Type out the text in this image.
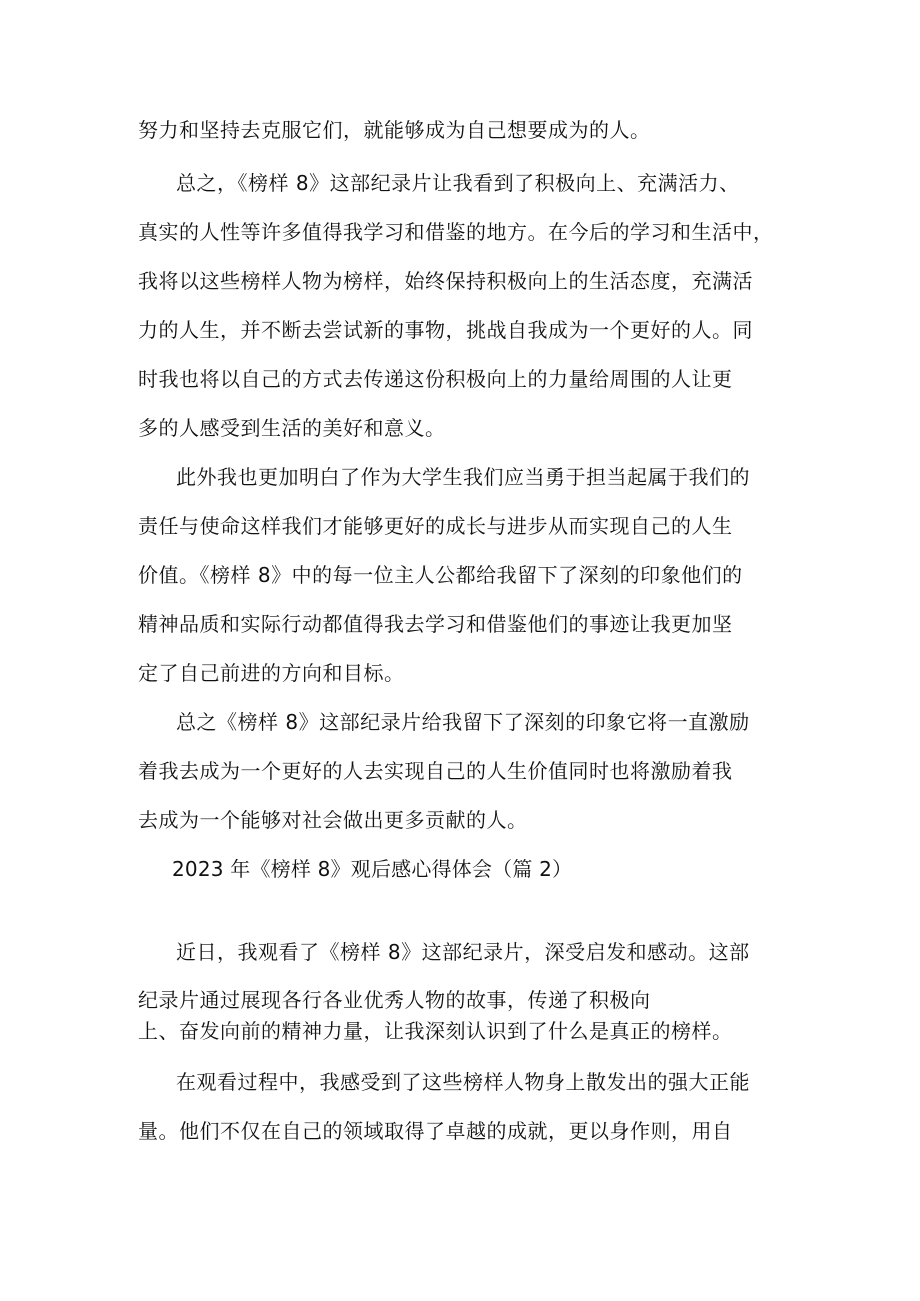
努力和坚持去克服它们，就能够成为自己想要成为的人。
总之，《榜样 8》这部纪录片让我看到了积极向上、充满活力、
真实的人性等许多值得我学习和借鉴的地方。在今后的学习和生活中，
我将以这些榜样人物为榜样，始终保持积极向上的生活态度，充满活
力的人生，并不断去尝试新的事物，挑战自我成为一个更好的人。同
时我也将以自己的方式去传递这份积极向上的力量给周围的人让更
多的人感受到生活的美好和意义。
此外我也更加明白了作为大学生我们应当勇于担当起属于我们的
责任与使命这样我们才能够更好的成长与进步从而实现自己的人生
价值。《榜样 8》中的每一位主人公都给我留下了深刻的印象他们的
精神品质和实际行动都值得我去学习和借鉴他们的事迹让我更加坚
定了自己前进的方向和目标。
总之《榜样 8》这部纪录片给我留下了深刻的印象它将一直激励
着我去成为一个更好的人去实现自己的人生价值同时也将激励着我
去成为一个能够对社会做出更多贡献的人。
2023 年《榜样 8》观后感心得体会（篇 2）
近日，我观看了《榜样 8》这部纪录片，深受启发和感动。这部
纪录片通过展现各行各业优秀人物的故事，传递了积极向
上、奋发向前的精神力量，让我深刻认识到了什么是真正的榜样。
在观看过程中，我感受到了这些榜样人物身上散发出的强大正能
量。他们不仅在自己的领域取得了卓越的成就，更以身作则，用自
